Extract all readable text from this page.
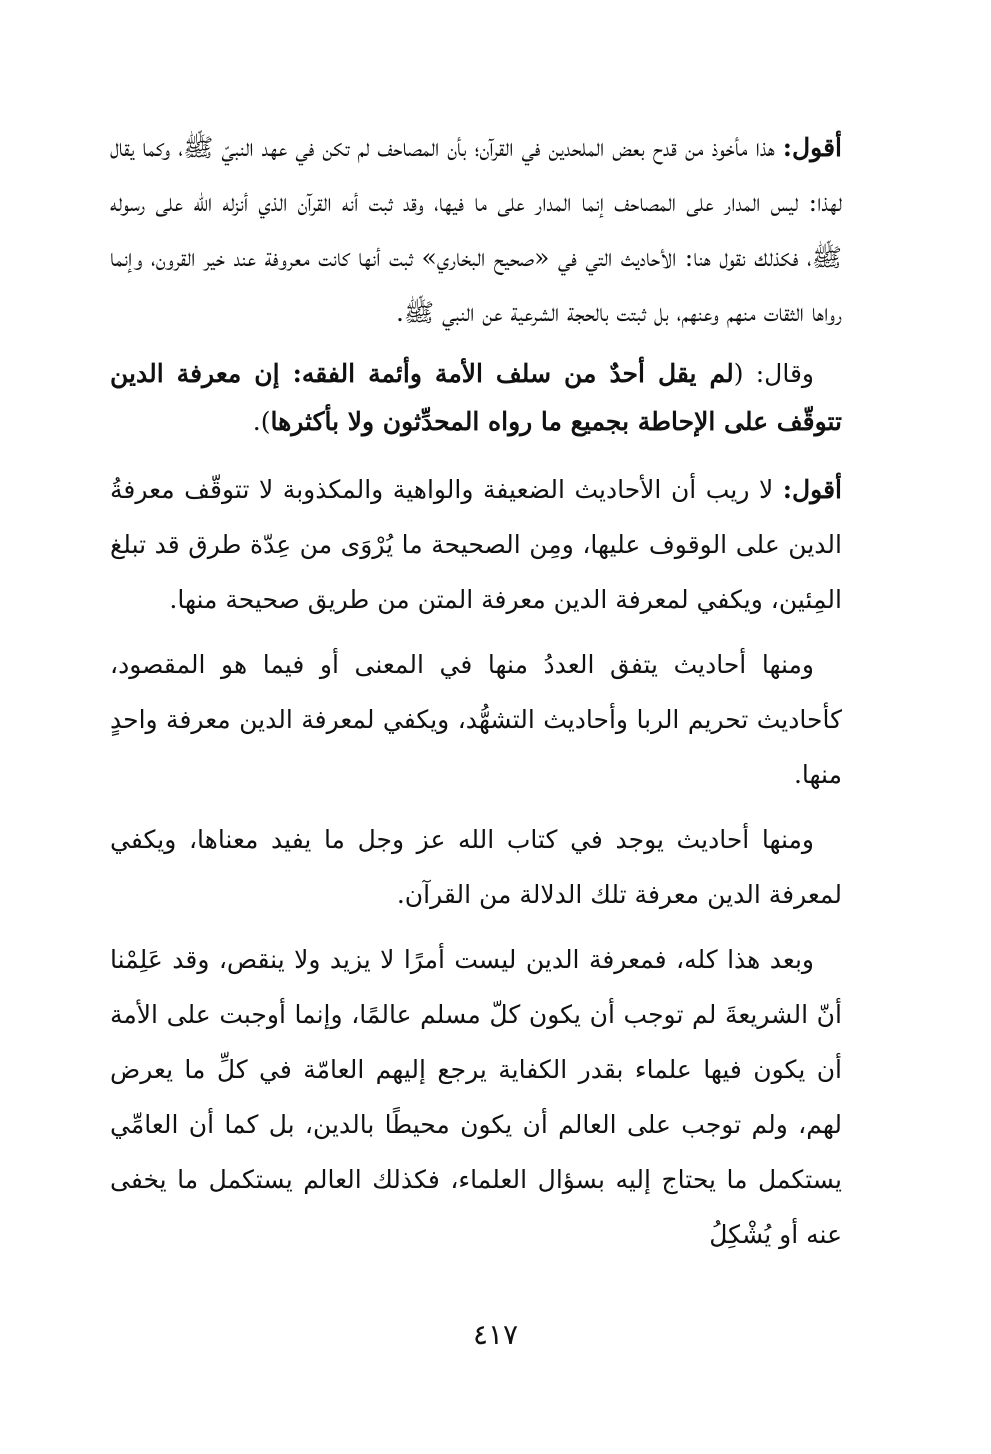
أقول: هذا مأخوذ من قدح بعض الملحدين في القرآن؛ بأن المصاحف لم تكن في عهد النبيّ ﷺ، وكما يقال لهذا: ليس المدار على المصاحف إنما المدار على ما فيها، وقد ثبت أنه القرآن الذي أنزله الله على رسوله ﷺ، فكذلك نقول هنا: الأحاديث التي في «صحيح البخاري» ثبت أنها كانت معروفة عند خير القرون، وإنما رواها الثقات منهم وعنهم، بل ثبتت بالحجة الشرعية عن النبي ﷺ.

وقال: (لم يقل أحدٌ من سلف الأمة وأئمة الفقه: إن معرفة الدين تتوقّف على الإحاطة بجميع ما رواه المحدِّثون ولا بأكثرها).

أقول: لا ريب أن الأحاديث الضعيفة والواهية والمكذوبة لا تتوقّف معرفةُ الدين على الوقوف عليها، ومِن الصحيحة ما يُرْوَى من عِدّة طرق قد تبلغ المِئين، ويكفي لمعرفة الدين معرفة المتن من طريق صحيحة منها.

ومنها أحاديث يتفق العددُ منها في المعنى أو فيما هو المقصود، كأحاديث تحريم الربا وأحاديث التشهُّد، ويكفي لمعرفة الدين معرفة واحدٍ منها.

ومنها أحاديث يوجد في كتاب الله عز وجل ما يفيد معناها، ويكفي لمعرفة الدين معرفة تلك الدلالة من القرآن.

وبعد هذا كله، فمعرفة الدين ليست أمرًا لا يزيد ولا ينقص، وقد عَلِمْنا أنّ الشريعةَ لم توجب أن يكون كلّ مسلم عالمًا، وإنما أوجبت على الأمة أن يكون فيها علماء بقدر الكفاية يرجع إليهم العامّة في كلِّ ما يعرض لهم، ولم توجب على العالم أن يكون محيطًا بالدين، بل كما أن العامِّي يستكمل ما يحتاج إليه بسؤال العلماء، فكذلك العالم يستكمل ما يخفى عنه أو يُشْكِلُ

٤١٧
